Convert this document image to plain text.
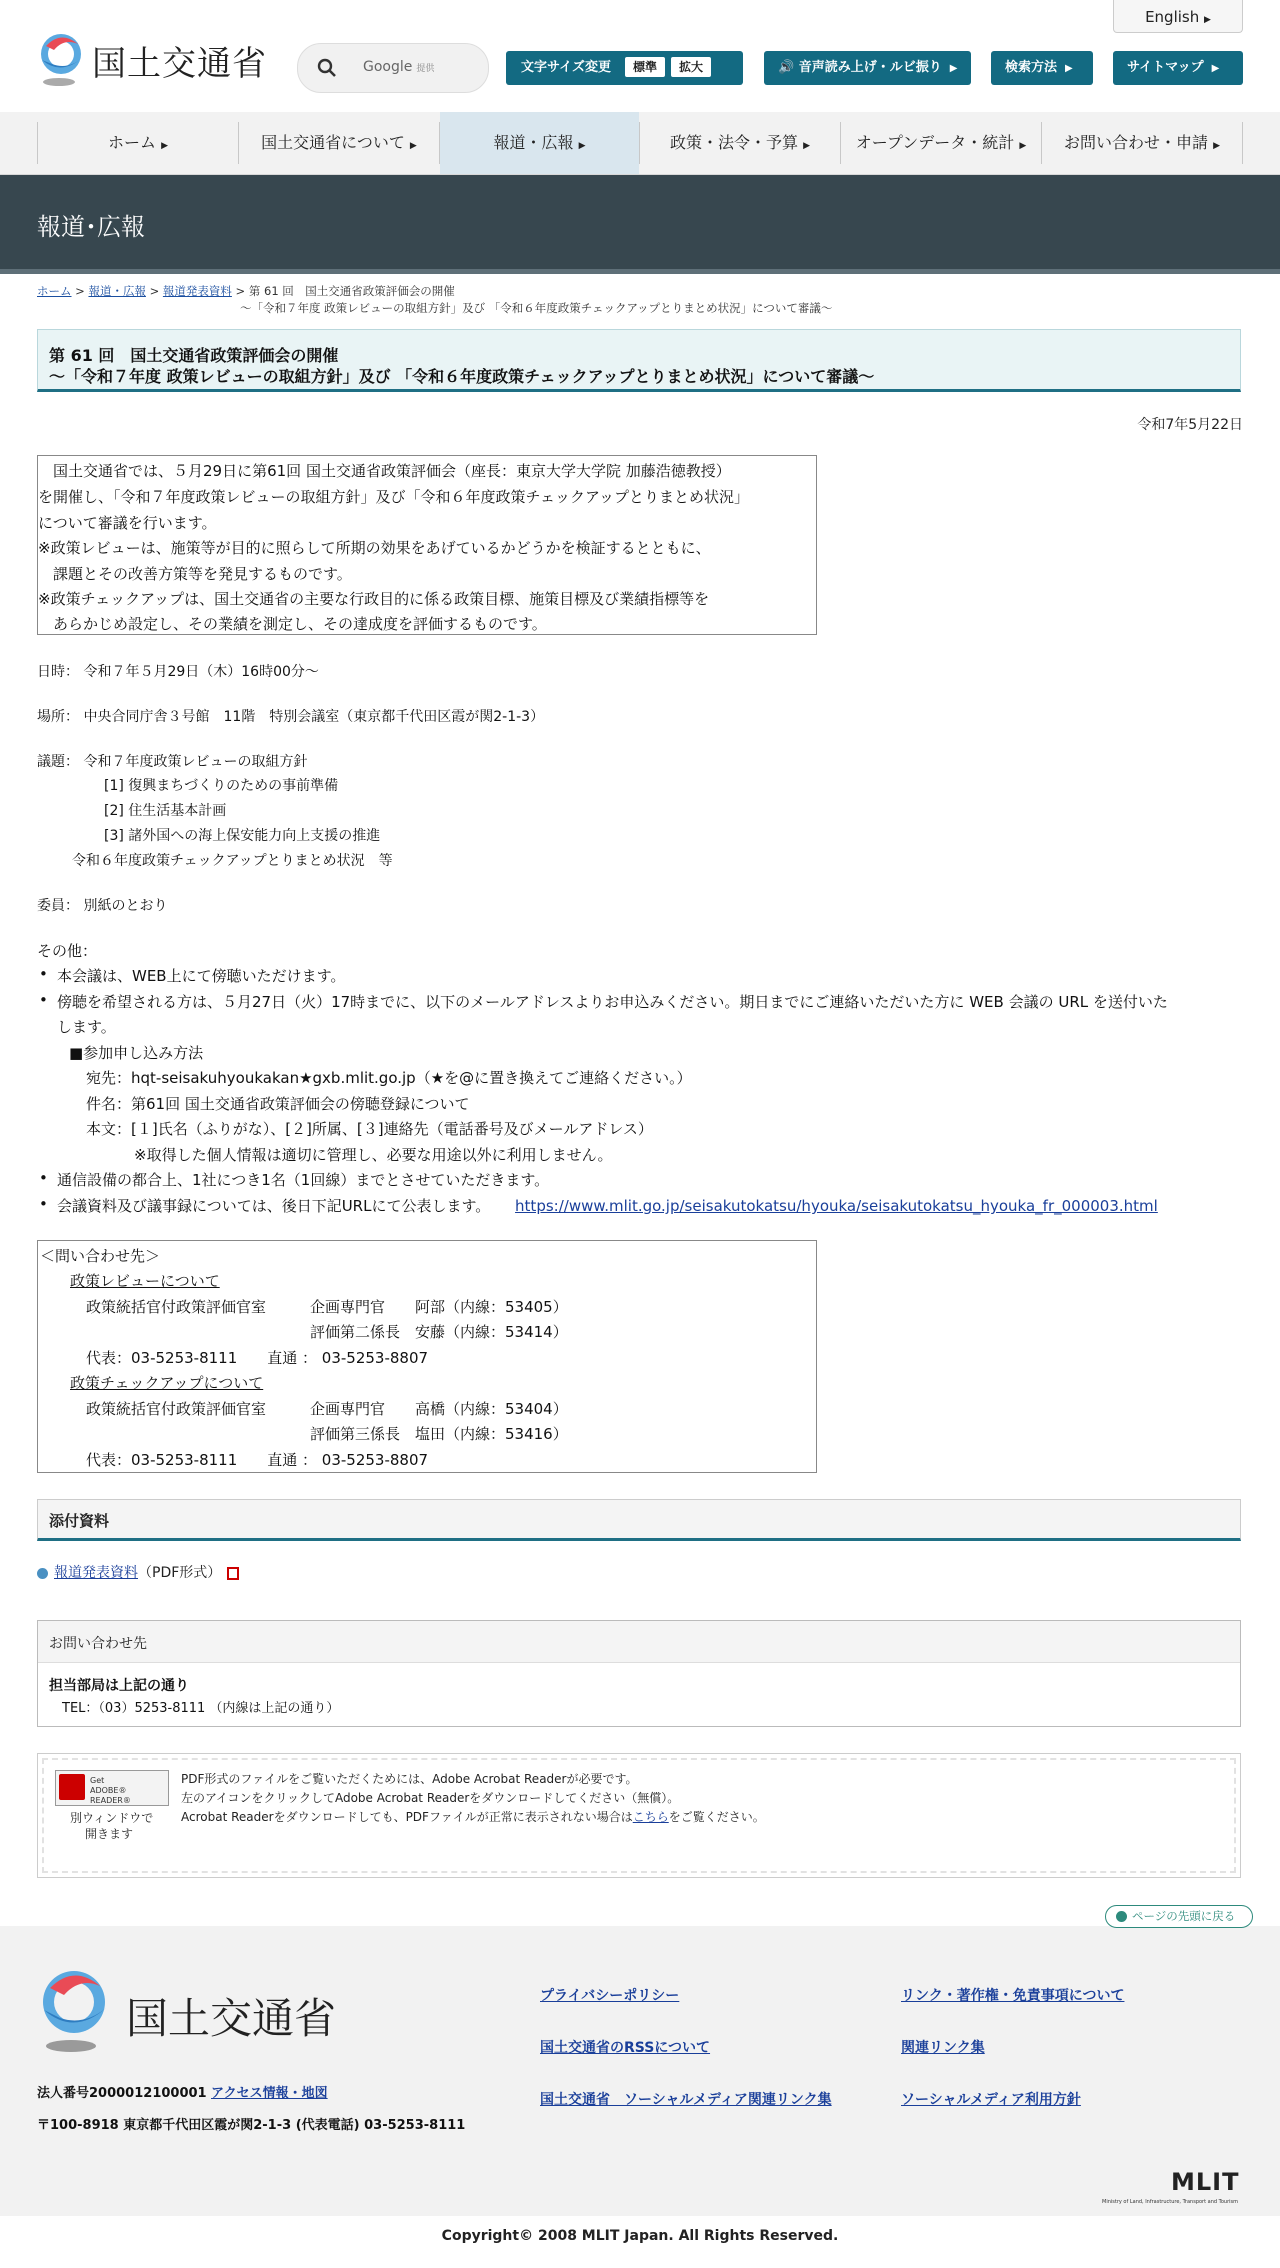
国土交通省	Google 提供
English ▶
文字サイズ変更 標準 拡大	🔊 音声読み上げ・ルビ振り ▶	検索方法 ▶	サイトマップ ▶
ホーム ▶	国土交通省について ▶	報道・広報 ▶	政策・法令・予算 ▶	オープンデータ・統計 ▶	お問い合わせ・申請 ▶
報道･広報
ホーム > 報道・広報 > 報道発表資料 > 第 61 回　国土交通省政策評価会の開催
～「令和７年度 政策レビューの取組方針」及び 「令和６年度政策チェックアップとりまとめ状況」について審議～
第 61 回　国土交通省政策評価会の開催
～「令和７年度 政策レビューの取組方針」及び 「令和６年度政策チェックアップとりまとめ状況」について審議～
令和7年5月22日
　国土交通省では、５月29日に第61回 国土交通省政策評価会（座長：東京大学大学院 加藤浩徳教授）
を開催し、「令和７年度政策レビューの取組方針」及び「令和６年度政策チェックアップとりまとめ状況」
について審議を行います。
※政策レビューは、施策等が目的に照らして所期の効果をあげているかどうかを検証するとともに、
　課題とその改善方策等を発見するものです。
※政策チェックアップは、国土交通省の主要な行政目的に係る政策目標、施策目標及び業績指標等を
　あらかじめ設定し、その業績を測定し、その達成度を評価するものです。
日時： 令和７年５月29日（木）16時00分～
場所： 中央合同庁舎３号館　11階　特別会議室（東京都千代田区霞が関2-1-3）
議題： 令和７年度政策レビューの取組方針
[1] 復興まちづくりのための事前準備
[2] 住生活基本計画
[3] 諸外国への海上保安能力向上支援の推進
令和６年度政策チェックアップとりまとめ状況　等
委員： 別紙のとおり
その他：
• 本会議は、WEB上にて傍聴いただけます。
• 傍聴を希望される方は、５月27日（火）17時までに、以下のメールアドレスよりお申込みください。期日までにご連絡いただいた方に WEB 会議の URL を送付いた
します。
■参加申し込み方法
宛先：hqt-seisakuhyoukakan★gxb.mlit.go.jp（★を@に置き換えてご連絡ください。）
件名：第61回 国土交通省政策評価会の傍聴登録について
本文：[１]氏名（ふりがな）、[２]所属、[３]連絡先（電話番号及びメールアドレス）
※取得した個人情報は適切に管理し、必要な用途以外に利用しません。
• 通信設備の都合上、1社につき1名（1回線）までとさせていただきます。
• 会議資料及び議事録については、後日下記URLにて公表します。 https://www.mlit.go.jp/seisakutokatsu/hyouka/seisakutokatsu_hyouka_fr_000003.html
＜問い合わせ先＞
政策レビューについて
政策統括官付政策評価官室	企画専門官　　阿部（内線：53405）
評価第二係長　安藤（内線：53414）
代表：03-5253-8111　　直通 ： 03-5253-8807
政策チェックアップについて
政策統括官付政策評価官室	企画専門官　　高橋（内線：53404）
評価第三係長　塩田（内線：53416）
代表：03-5253-8111　　直通 ： 03-5253-8807
添付資料
報道発表資料（PDF形式）
お問い合わせ先
担当部局は上記の通り
TEL：（03）5253-8111 （内線は上記の通り）
Get
ADOBE® READER®
別ウィンドウで
開きます
PDF形式のファイルをご覧いただくためには、Adobe Acrobat Readerが必要です。
左のアイコンをクリックしてAdobe Acrobat Readerをダウンロードしてください（無償）。
Acrobat Readerをダウンロードしても、PDFファイルが正常に表示されない場合はこちらをご覧ください。
国土交通省	プライバシーポリシー	リンク・著作権・免責事項について
国土交通省のRSSについて	関連リンク集
国土交通省　ソーシャルメディア関連リンク集	ソーシャルメディア利用方針
法人番号2000012100001 アクセス情報・地図
〒100-8918 東京都千代田区霞が関2-1-3 (代表電話) 03-5253-8111
MLIT
Ministry of Land, Infrastructure, Transport and Tourism
ページの先頭に戻る
Copyright© 2008 MLIT Japan. All Rights Reserved.
